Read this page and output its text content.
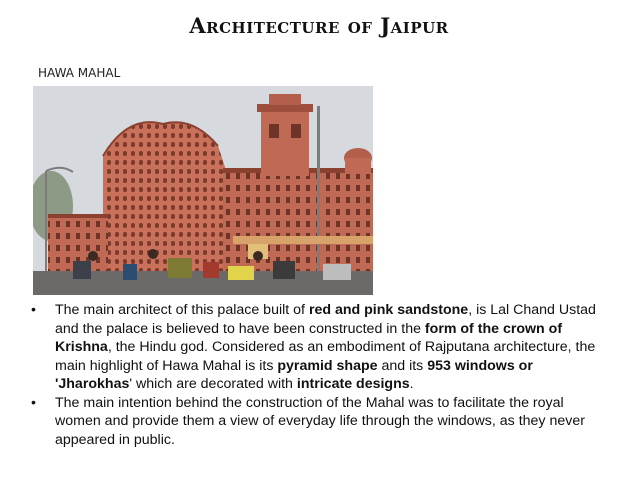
Architecture of Jaipur
HAWA MAHAL
• The main architect of this palace built of red and pink sandstone, is Lal Chand Ustad and the palace is believed to have been constructed in the form of the crown of Krishna, the Hindu god. Considered as an embodiment of Rajputana architecture, the main highlight of Hawa Mahal is its pyramid shape and its 953 windows or 'Jharokhas' which are decorated with intricate designs.
• The main intention behind the construction of the Mahal was to facilitate the royal women and provide them a view of everyday life through the windows, as they never appeared in public.
